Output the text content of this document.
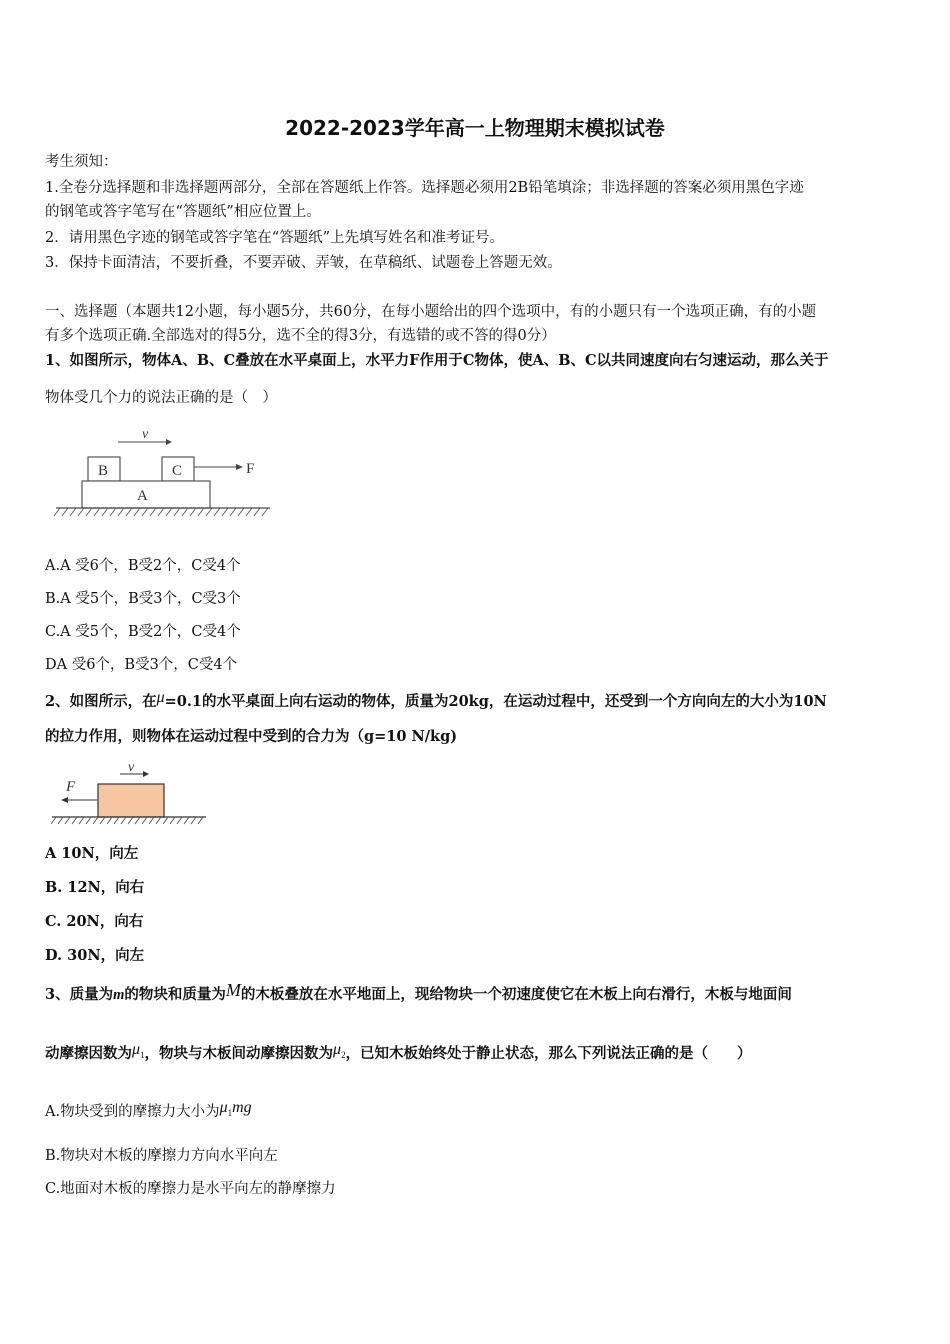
2022-2023学年高一上物理期末模拟试卷
考生须知：
1.全卷分选择题和非选择题两部分，全部在答题纸上作答。选择题必须用2B铅笔填涂；非选择题的答案必须用黑色字迹
的钢笔或答字笔写在“答题纸”相应位置上。
2．请用黑色字迹的钢笔或答字笔在“答题纸”上先填写姓名和准考证号。
3．保持卡面清洁，不要折叠，不要弄破、弄皱，在草稿纸、试题卷上答题无效。
一、选择题（本题共12小题，每小题5分，共60分，在每小题给出的四个选项中，有的小题只有一个选项正确，有的小题
有多个选项正确.全部选对的得5分，选不全的得3分，有选错的或不答的得0分）
1、如图所示，物体A、B、C叠放在水平桌面上，水平力F作用于C物体，使A、B、C以共同速度向右匀速运动，那么关于
物体受几个力的说法正确的是（　）
v
B	C	F
A
A.A 受6个，B受2个，C受4个
B.A 受5个，B受3个，C受3个
C.A 受5个，B受2个，C受4个
DA 受6个，B受3个，C受4个
2、如图所示，在μ=0.1的水平桌面上向右运动的物体，质量为20kg，在运动过程中，还受到一个方向向左的大小为10N
的拉力作用，则物体在运动过程中受到的合力为（g=10 N/kg)
v
F
A 10N，向左
B. 12N，向右
C. 20N，向右
D. 30N，向左
3、质量为m的物块和质量为M的木板叠放在水平地面上，现给物块一个初速度使它在木板上向右滑行，木板与地面间
动摩擦因数为$\mu_1$，物块与木板间动摩擦因数为$\mu_2$，已知木板始终处于静止状态，那么下列说法正确的是（　　）
A.物块受到的摩擦力大小为$\mu_1mg$
B.物块对木板的摩擦力方向水平向左
C.地面对木板的摩擦力是水平向左的静摩擦力
